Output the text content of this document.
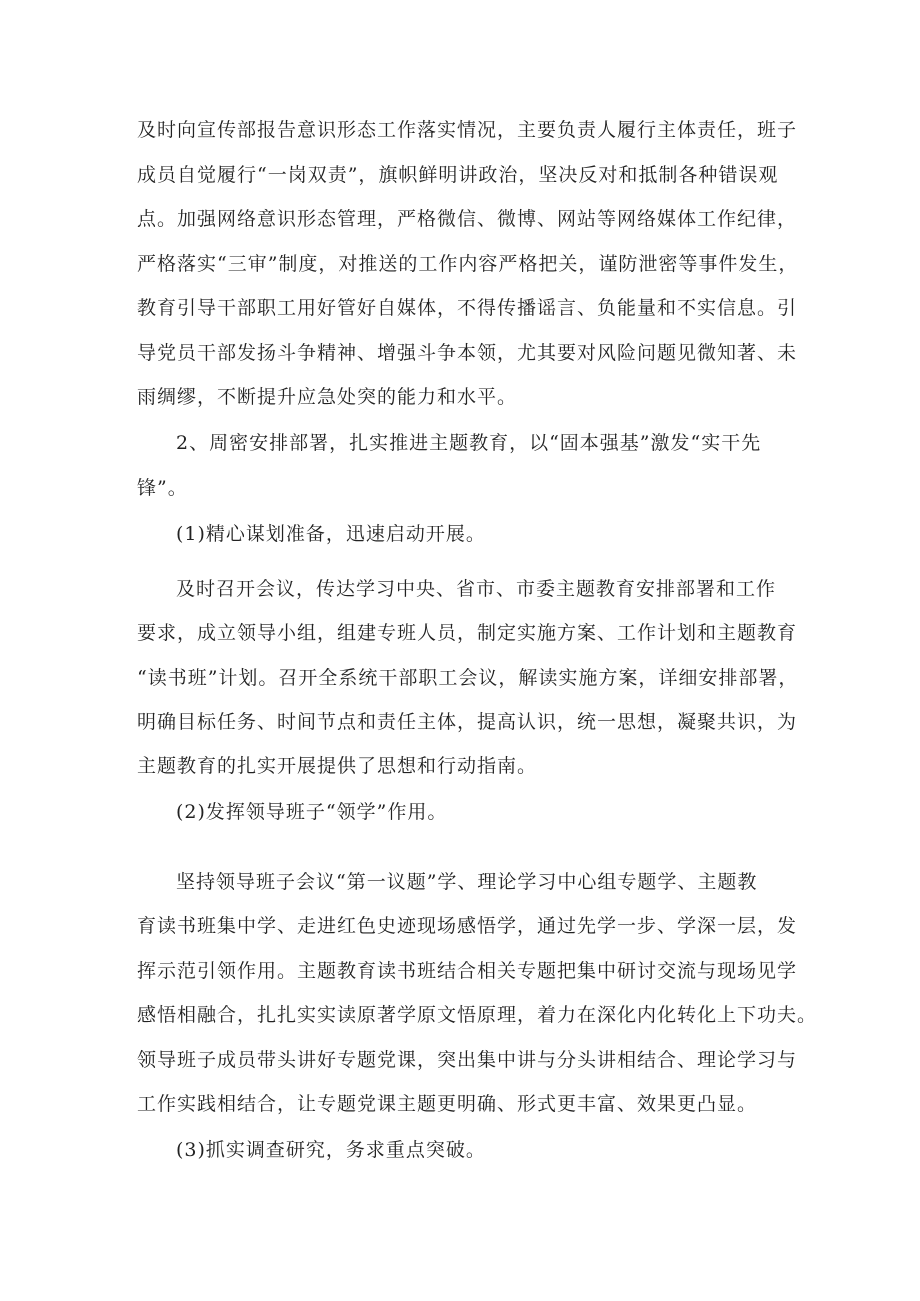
及时向宣传部报告意识形态工作落实情况，主要负责人履行主体责任，班子
成员自觉履行“一岗双责”，旗帜鲜明讲政治，坚决反对和抵制各种错误观
点。加强网络意识形态管理，严格微信、微博、网站等网络媒体工作纪律，
严格落实“三审”制度，对推送的工作内容严格把关，谨防泄密等事件发生，
教育引导干部职工用好管好自媒体，不得传播谣言、负能量和不实信息。引
导党员干部发扬斗争精神、增强斗争本领，尤其要对风险问题见微知著、未
雨绸缪，不断提升应急处突的能力和水平。
2、周密安排部署，扎实推进主题教育，以“固本强基”激发“实干先
锋”。
(1)精心谋划准备，迅速启动开展。
及时召开会议，传达学习中央、省市、市委主题教育安排部署和工作
要求，成立领导小组，组建专班人员，制定实施方案、工作计划和主题教育
“读书班”计划。召开全系统干部职工会议，解读实施方案，详细安排部署，
明确目标任务、时间节点和责任主体，提高认识，统一思想，凝聚共识，为
主题教育的扎实开展提供了思想和行动指南。
(2)发挥领导班子“领学”作用。
坚持领导班子会议“第一议题”学、理论学习中心组专题学、主题教
育读书班集中学、走进红色史迹现场感悟学，通过先学一步、学深一层，发
挥示范引领作用。主题教育读书班结合相关专题把集中研讨交流与现场见学
感悟相融合，扎扎实实读原著学原文悟原理，着力在深化内化转化上下功夫。
领导班子成员带头讲好专题党课，突出集中讲与分头讲相结合、理论学习与
工作实践相结合，让专题党课主题更明确、形式更丰富、效果更凸显。
(3)抓实调查研究，务求重点突破。
